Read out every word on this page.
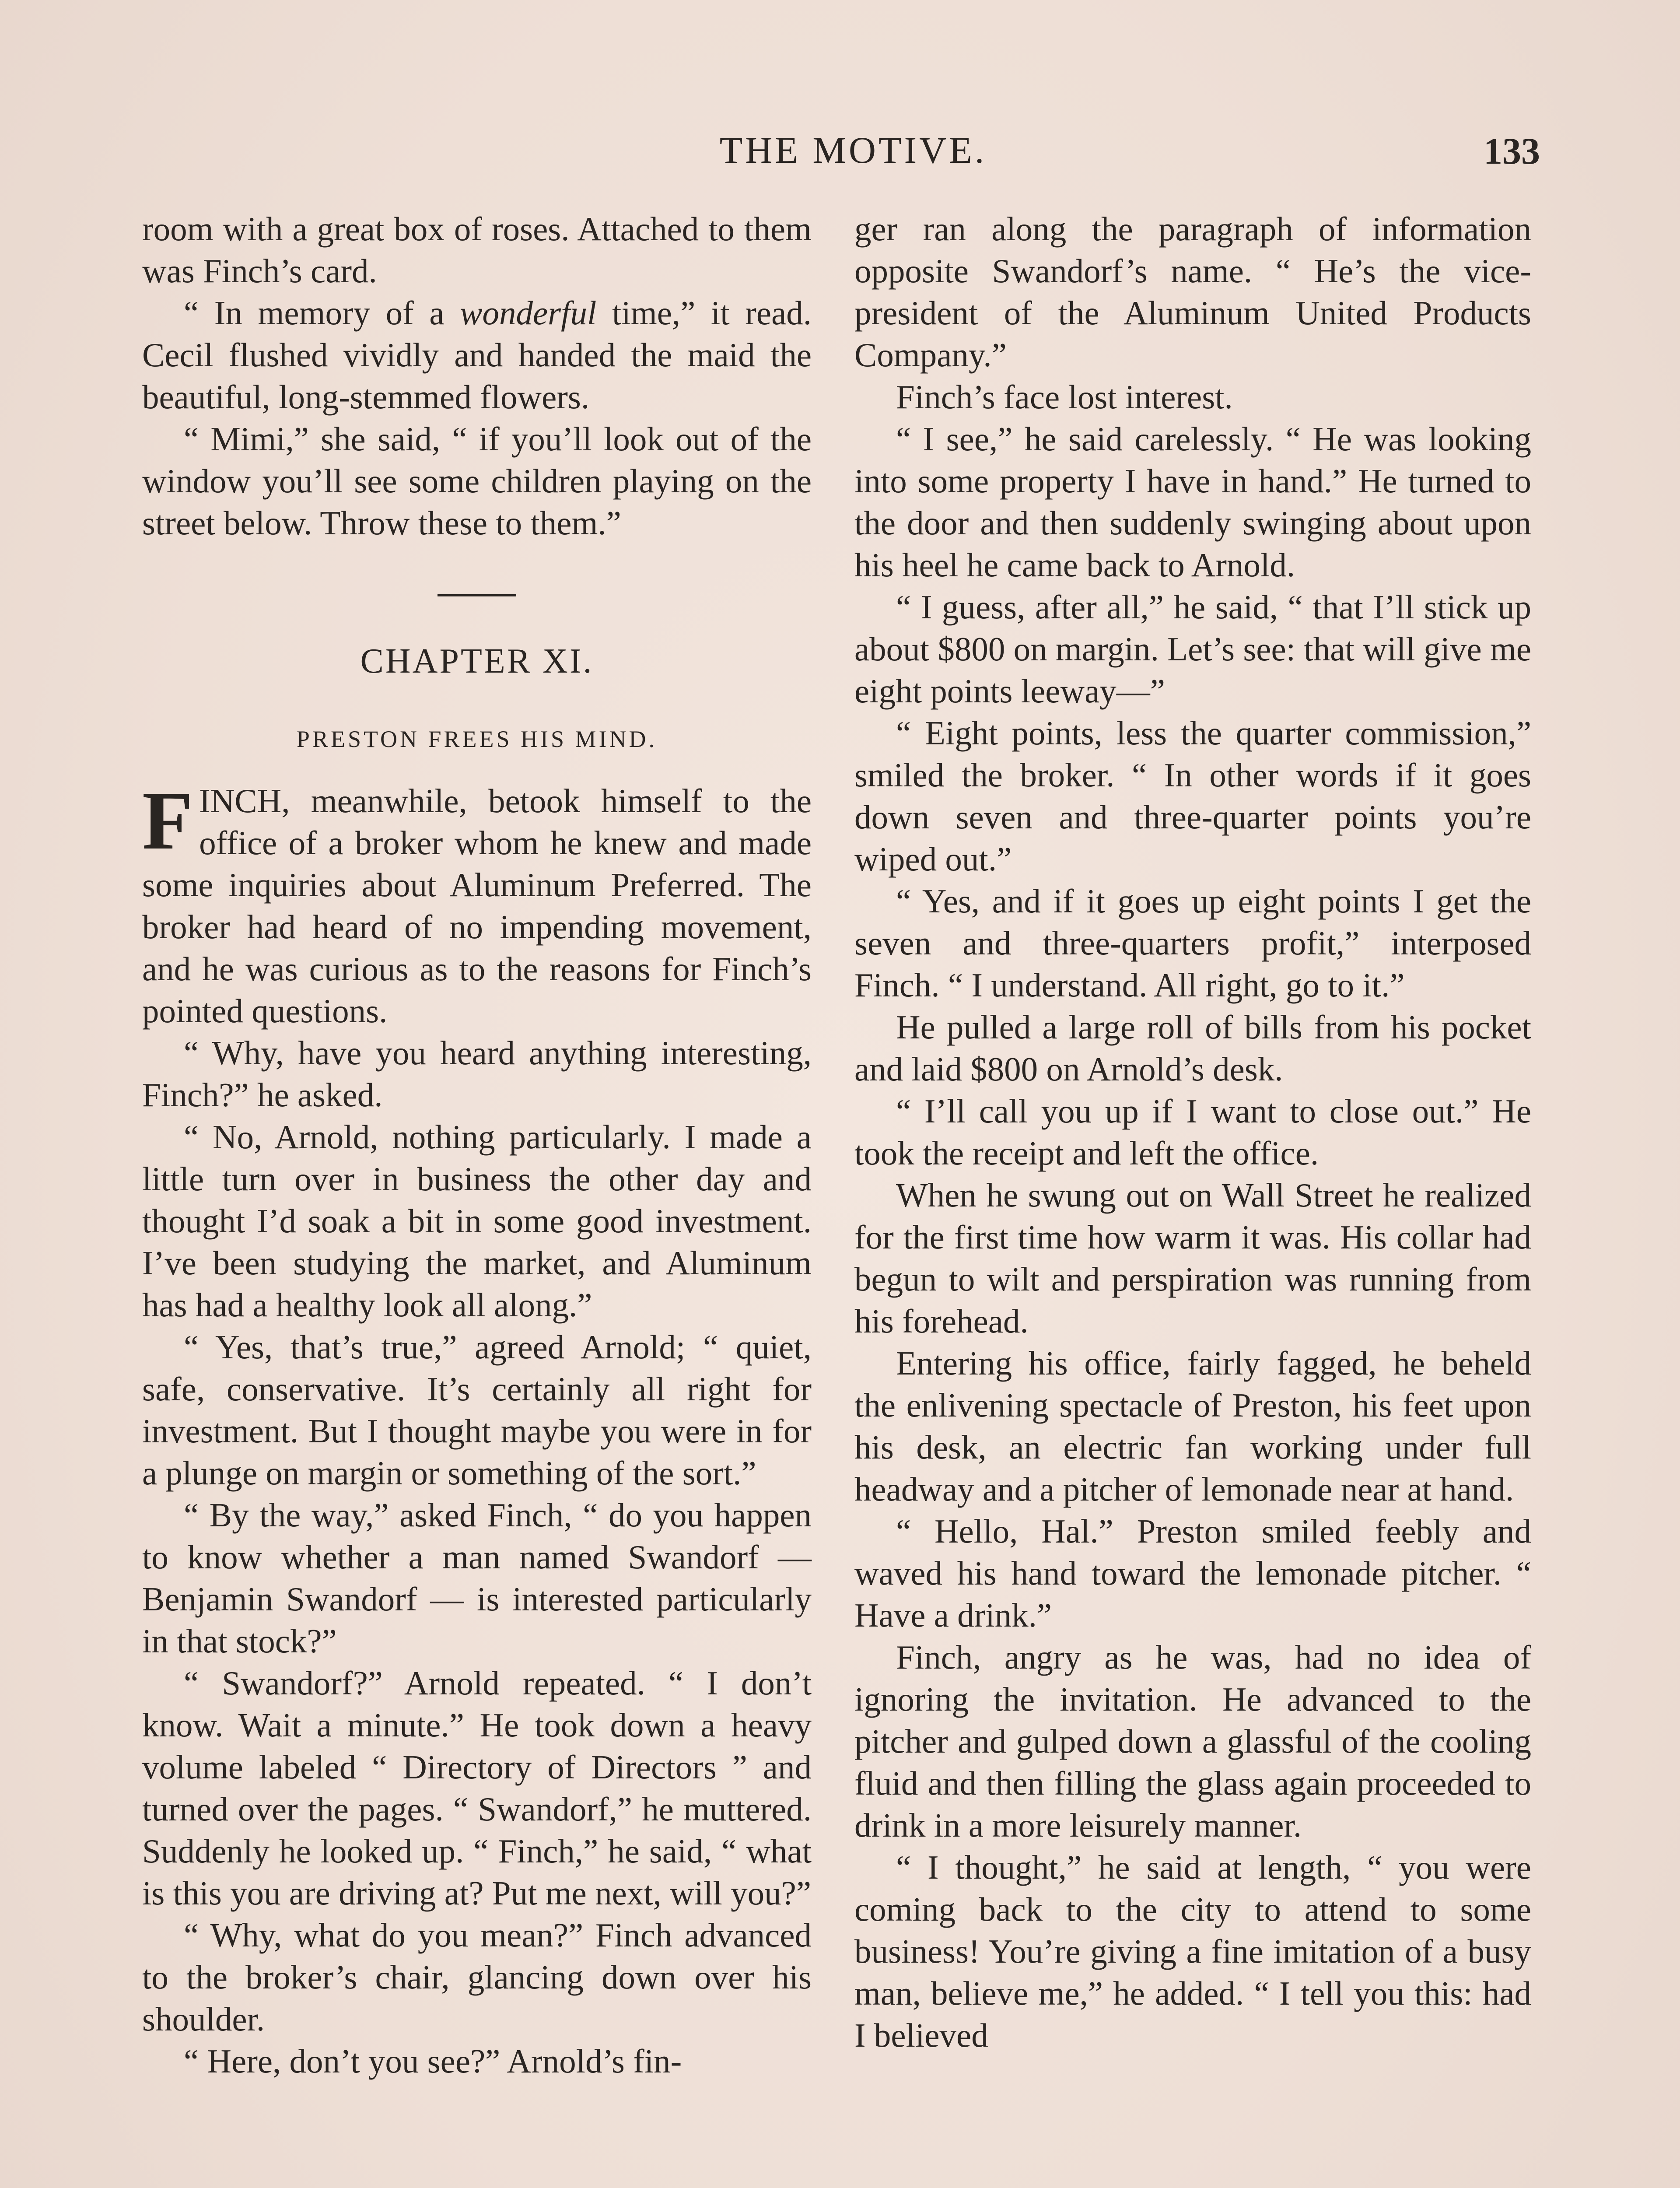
THE MOTIVE.	133

room with a great box of roses. Attached to them was Finch’s card.

“ In memory of a wonderful time,” it read. Cecil flushed vividly and handed the maid the beautiful, long-stemmed flowers.

“ Mimi,” she said, “ if you’ll look out of the window you’ll see some children playing on the street below. Throw these to them.”

CHAPTER XI.
PRESTON FREES HIS MIND.

FINCH, meanwhile, betook himself to the office of a broker whom he knew and made some inquiries about Aluminum Preferred. The broker had heard of no impending movement, and he was curious as to the reasons for Finch’s pointed questions.

“ Why, have you heard anything interesting, Finch?” he asked.

“ No, Arnold, nothing particularly. I made a little turn over in business the other day and thought I’d soak a bit in some good investment. I’ve been studying the market, and Aluminum has had a healthy look all along.”

“ Yes, that’s true,” agreed Arnold; “ quiet, safe, conservative. It’s certainly all right for investment. But I thought maybe you were in for a plunge on margin or something of the sort.”

“ By the way,” asked Finch, “ do you happen to know whether a man named Swandorf — Benjamin Swandorf — is interested particularly in that stock?”

“ Swandorf?” Arnold repeated. “ I don’t know. Wait a minute.” He took down a heavy volume labeled “ Directory of Directors ” and turned over the pages. “ Swandorf,” he muttered. Suddenly he looked up. “ Finch,” he said, “ what is this you are driving at? Put me next, will you?”

“ Why, what do you mean?” Finch advanced to the broker’s chair, glancing down over his shoulder.

“ Here, don’t you see?” Arnold’s fin-

ger ran along the paragraph of information opposite Swandorf’s name. “ He’s the vice-president of the Aluminum United Products Company.”

Finch’s face lost interest.

“ I see,” he said carelessly. “ He was looking into some property I have in hand.” He turned to the door and then suddenly swinging about upon his heel he came back to Arnold.

“ I guess, after all,” he said, “ that I’ll stick up about $800 on margin. Let’s see: that will give me eight points leeway—”

“ Eight points, less the quarter commission,” smiled the broker. “ In other words if it goes down seven and three-quarter points you’re wiped out.”

“ Yes, and if it goes up eight points I get the seven and three-quarters profit,” interposed Finch. “ I understand. All right, go to it.”

He pulled a large roll of bills from his pocket and laid $800 on Arnold’s desk.

“ I’ll call you up if I want to close out.” He took the receipt and left the office.

When he swung out on Wall Street he realized for the first time how warm it was. His collar had begun to wilt and perspiration was running from his forehead.

Entering his office, fairly fagged, he beheld the enlivening spectacle of Preston, his feet upon his desk, an electric fan working under full headway and a pitcher of lemonade near at hand.

“ Hello, Hal.” Preston smiled feebly and waved his hand toward the lemonade pitcher. “ Have a drink.”

Finch, angry as he was, had no idea of ignoring the invitation. He advanced to the pitcher and gulped down a glassful of the cooling fluid and then filling the glass again proceeded to drink in a more leisurely manner.

“ I thought,” he said at length, “ you were coming back to the city to attend to some business! You’re giving a fine imitation of a busy man, believe me,” he added. “ I tell you this: had I believed
